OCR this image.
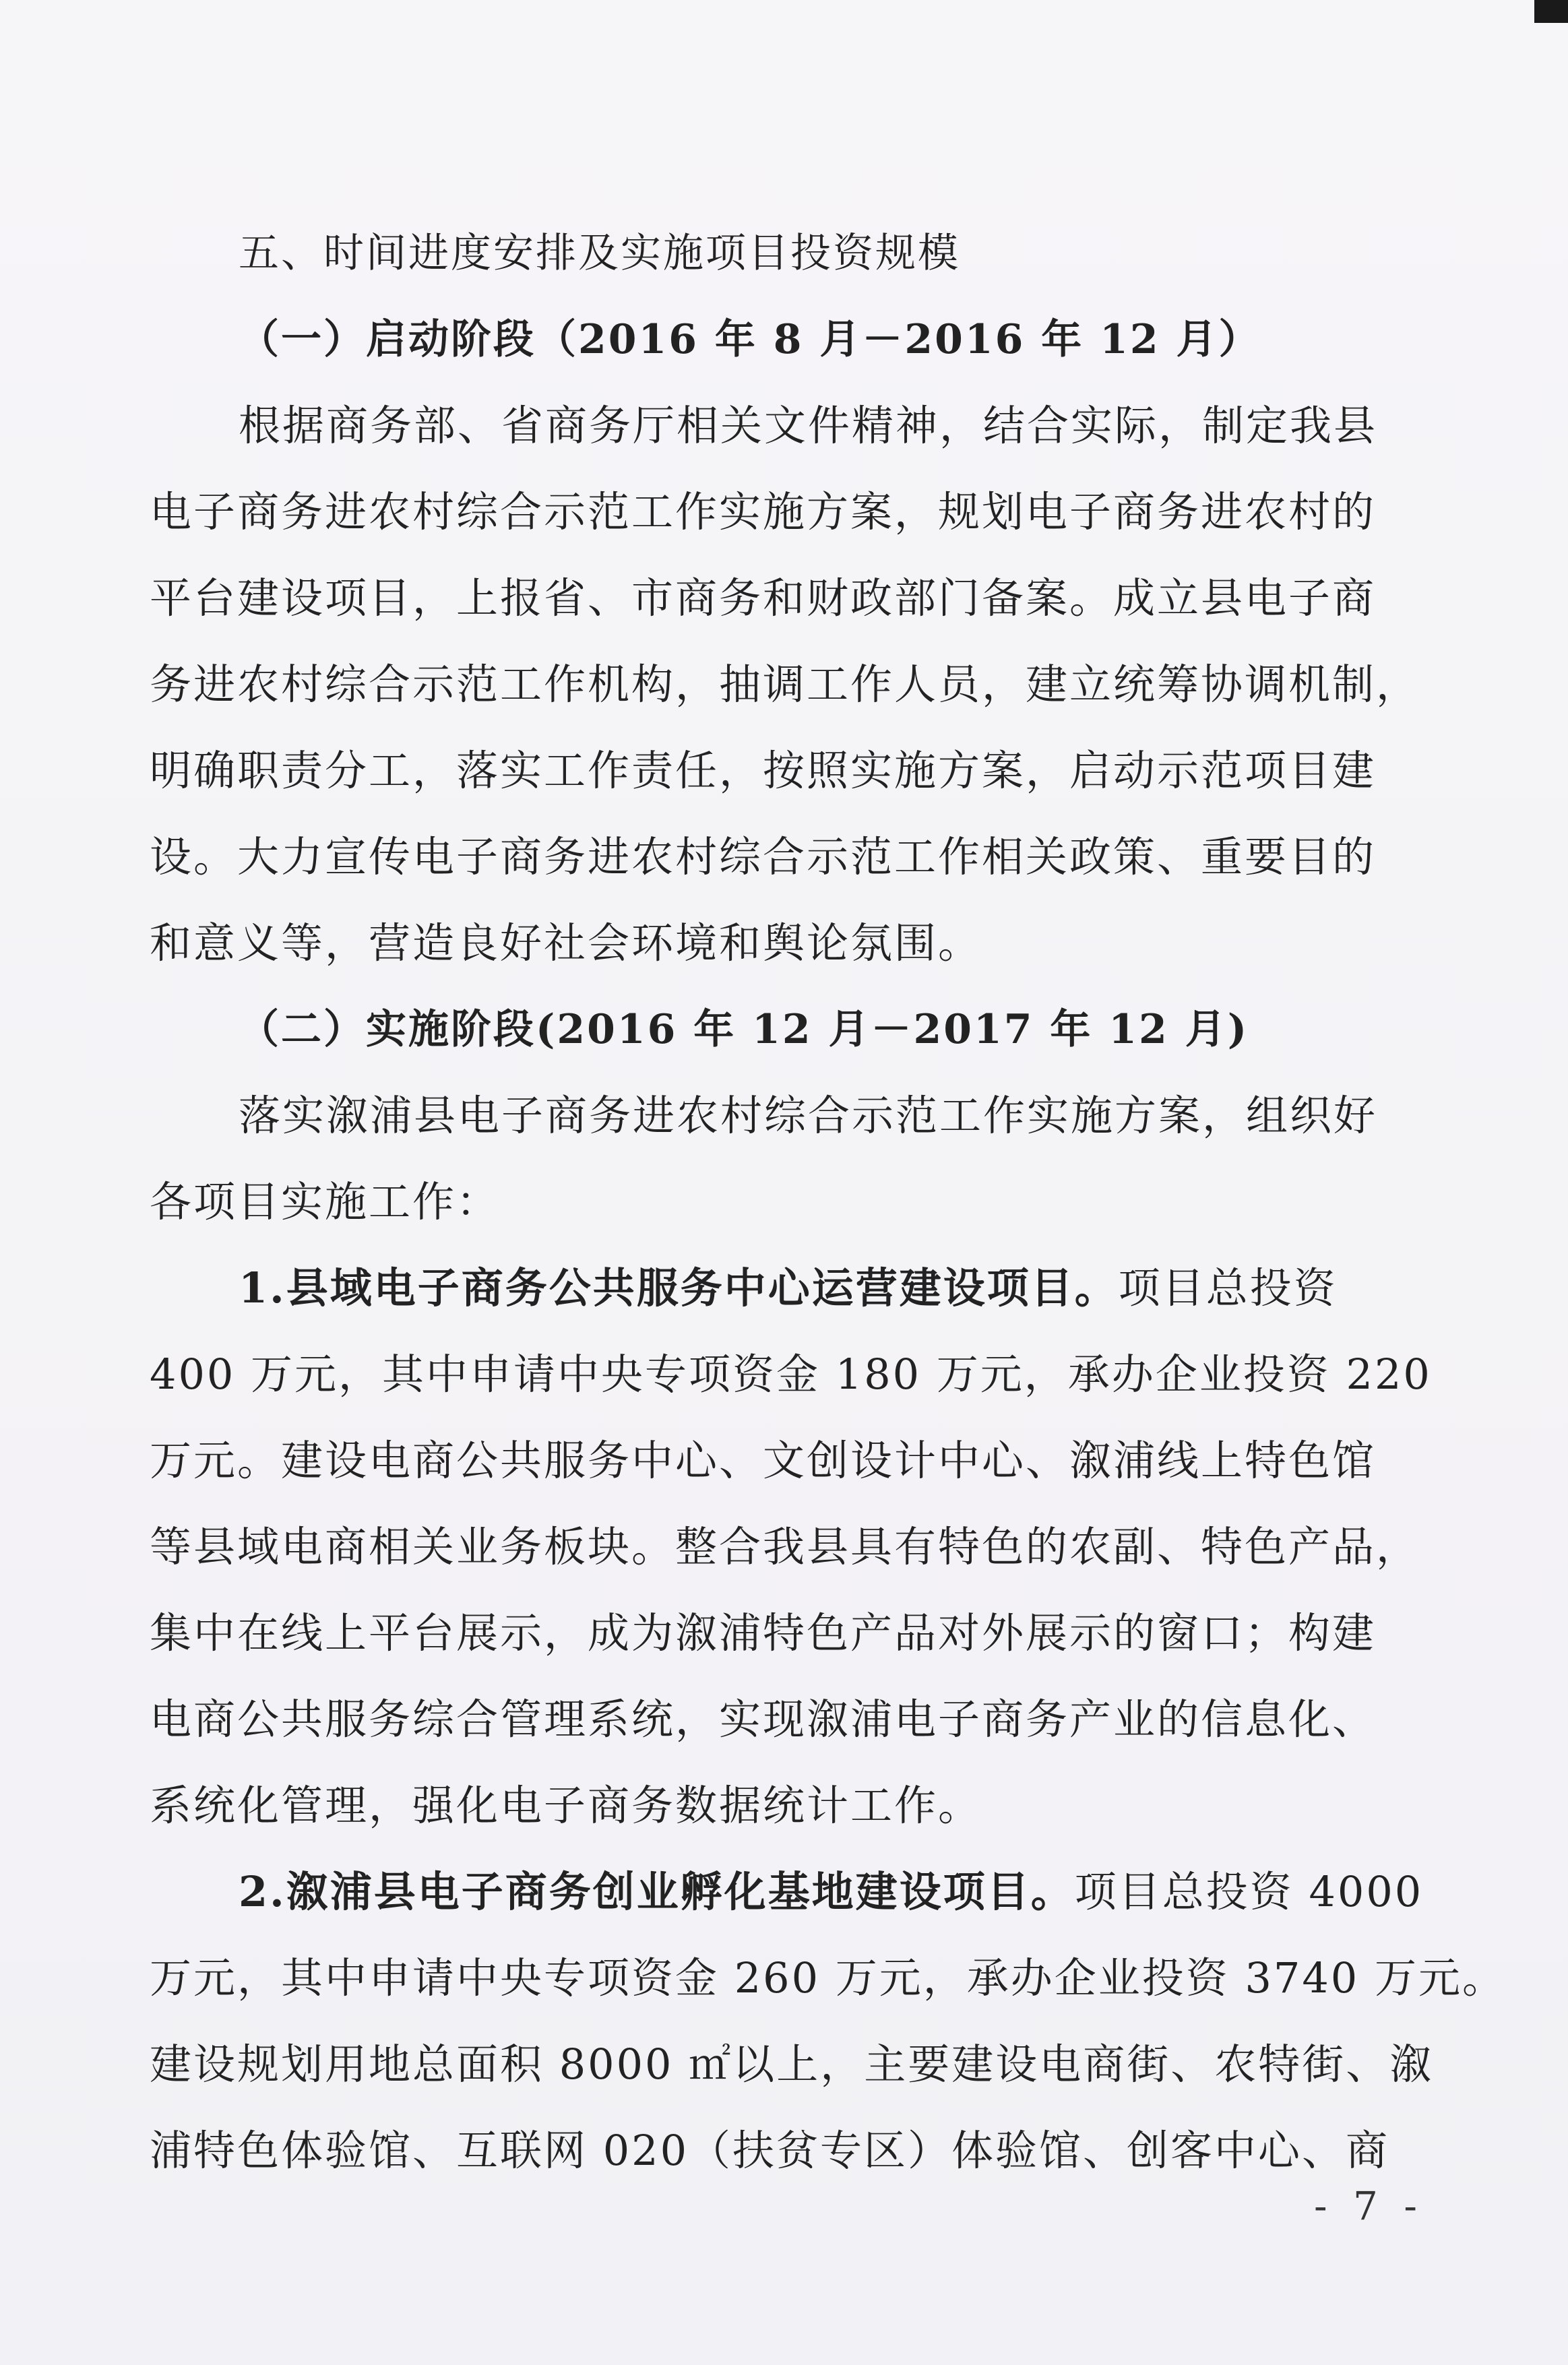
五、时间进度安排及实施项目投资规模
（一）启动阶段（2016 年 8 月－2016 年 12 月）
根据商务部、省商务厅相关文件精神，结合实际，制定我县
电子商务进农村综合示范工作实施方案，规划电子商务进农村的
平台建设项目，上报省、市商务和财政部门备案。成立县电子商
务进农村综合示范工作机构，抽调工作人员，建立统筹协调机制，
明确职责分工，落实工作责任，按照实施方案，启动示范项目建
设。大力宣传电子商务进农村综合示范工作相关政策、重要目的
和意义等，营造良好社会环境和舆论氛围。
（二）实施阶段(2016 年 12 月－2017 年 12 月)
落实溆浦县电子商务进农村综合示范工作实施方案，组织好
各项目实施工作：
1.县域电子商务公共服务中心运营建设项目。项目总投资
400 万元，其中申请中央专项资金 180 万元，承办企业投资 220
万元。建设电商公共服务中心、文创设计中心、溆浦线上特色馆
等县域电商相关业务板块。整合我县具有特色的农副、特色产品，
集中在线上平台展示，成为溆浦特色产品对外展示的窗口；构建
电商公共服务综合管理系统，实现溆浦电子商务产业的信息化、
系统化管理，强化电子商务数据统计工作。
2.溆浦县电子商务创业孵化基地建设项目。项目总投资 4000
万元，其中申请中央专项资金 260 万元，承办企业投资 3740 万元。
建设规划用地总面积 8000 ㎡以上，主要建设电商街、农特街、溆
浦特色体验馆、互联网 020（扶贫专区）体验馆、创客中心、商
- 7 -
